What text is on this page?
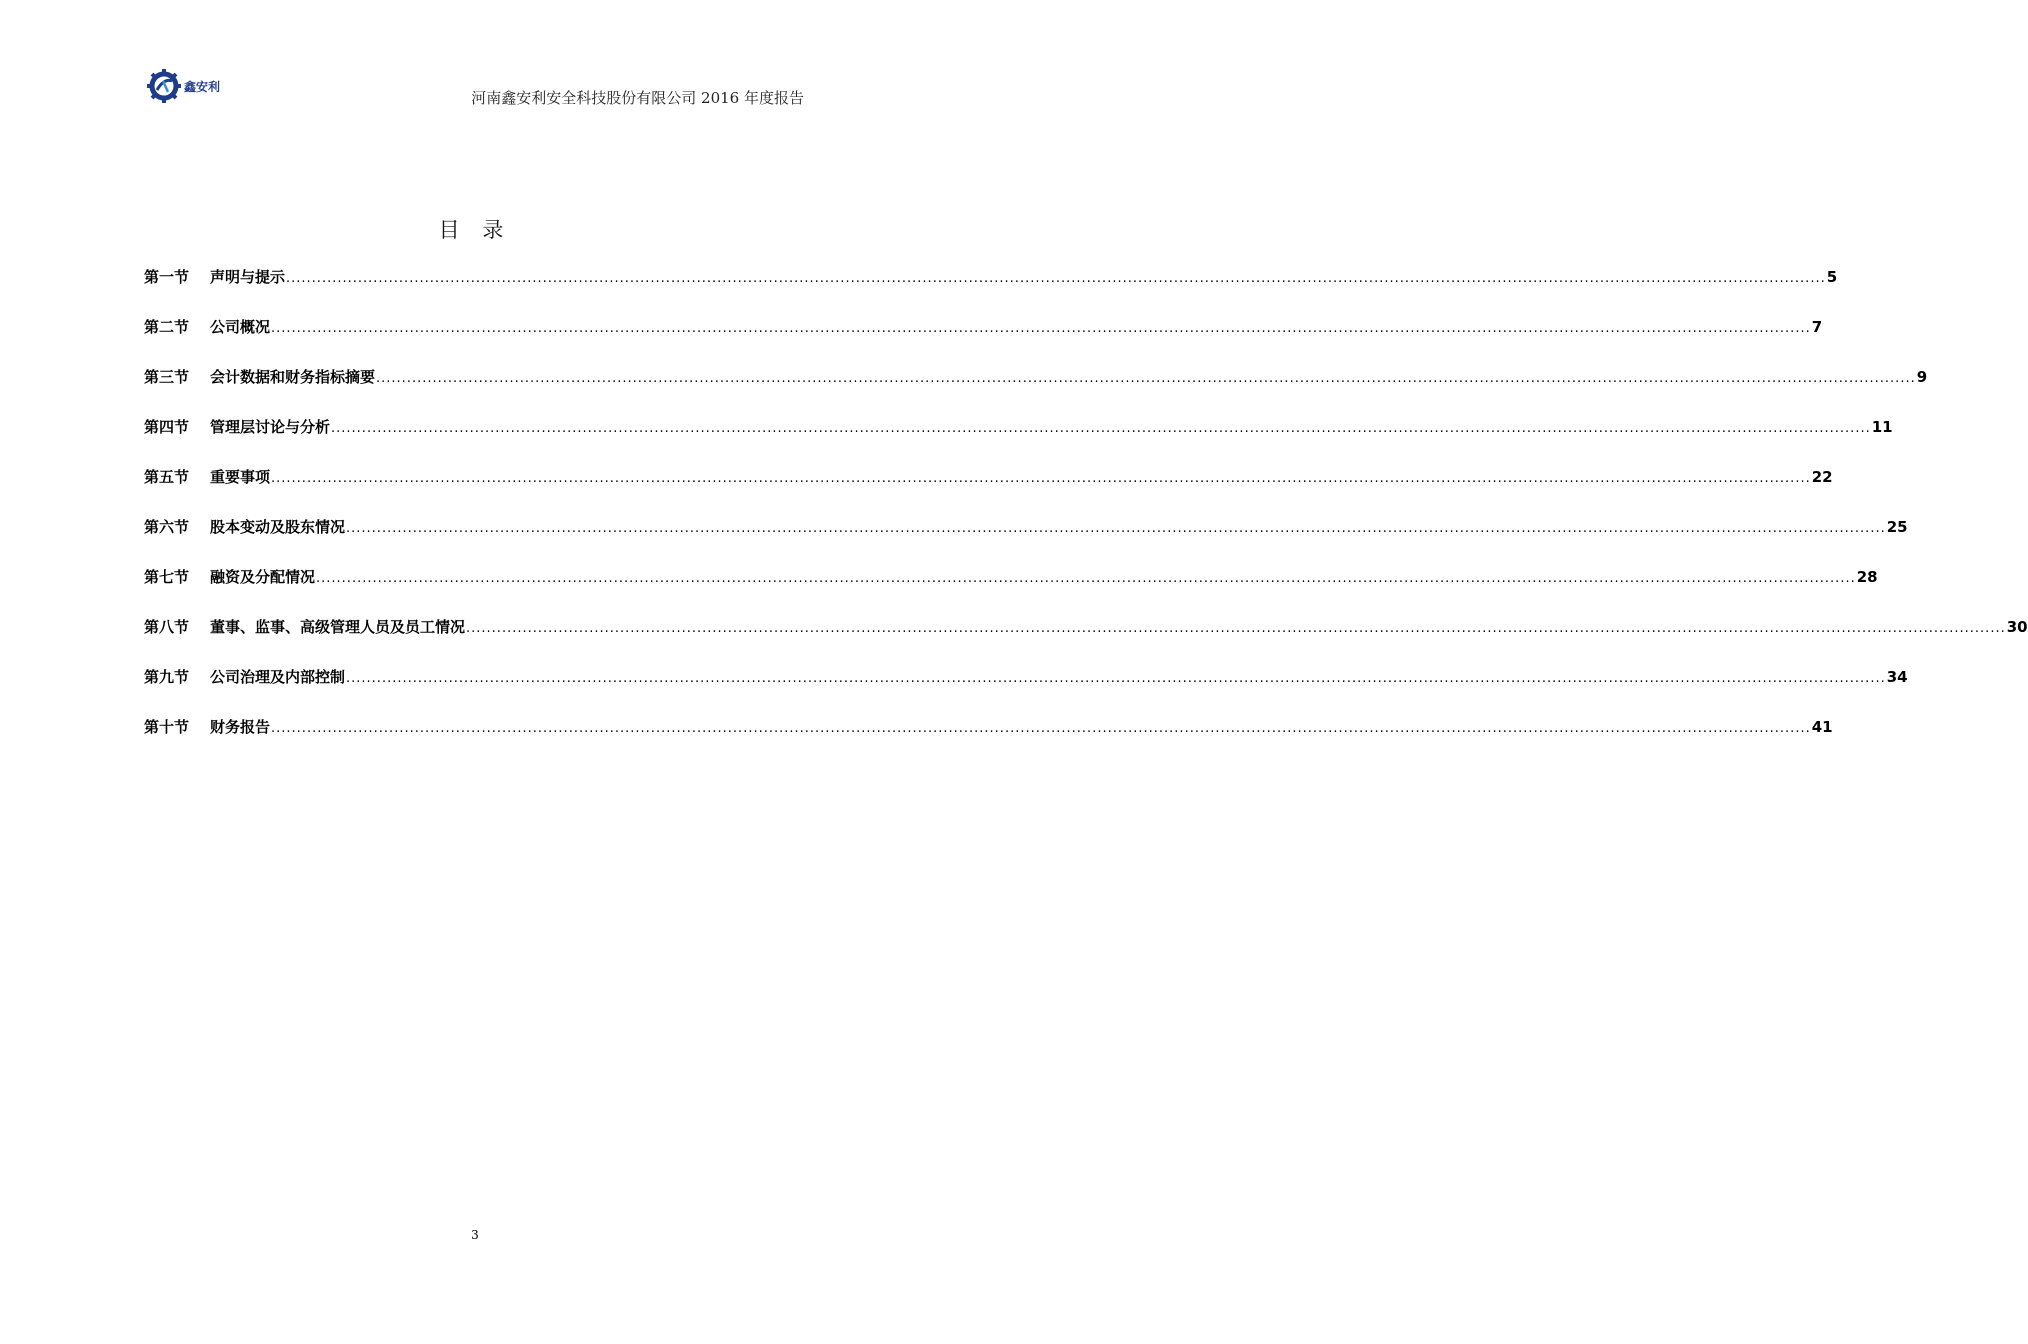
鑫安利
河南鑫安利安全科技股份有限公司 2016 年度报告
目 录
第一节	声明与提示 ............................................................................................................................................................................................................................................................................................................ 5
第二节	公司概况 ............................................................................................................................................................................................................................................................................................................ 7
第三节	会计数据和财务指标摘要 ............................................................................................................................................................................................................................................................................................................ 9
第四节	管理层讨论与分析 ............................................................................................................................................................................................................................................................................................................ 11
第五节	重要事项 ............................................................................................................................................................................................................................................................................................................ 22
第六节	股本变动及股东情况 ............................................................................................................................................................................................................................................................................................................ 25
第七节	融资及分配情况 ............................................................................................................................................................................................................................................................................................................ 28
第八节	董事、监事、高级管理人员及员工情况 ............................................................................................................................................................................................................................................................................................................ 30
第九节	公司治理及内部控制 ............................................................................................................................................................................................................................................................................................................ 34
第十节	财务报告 ............................................................................................................................................................................................................................................................................................................ 41
3
